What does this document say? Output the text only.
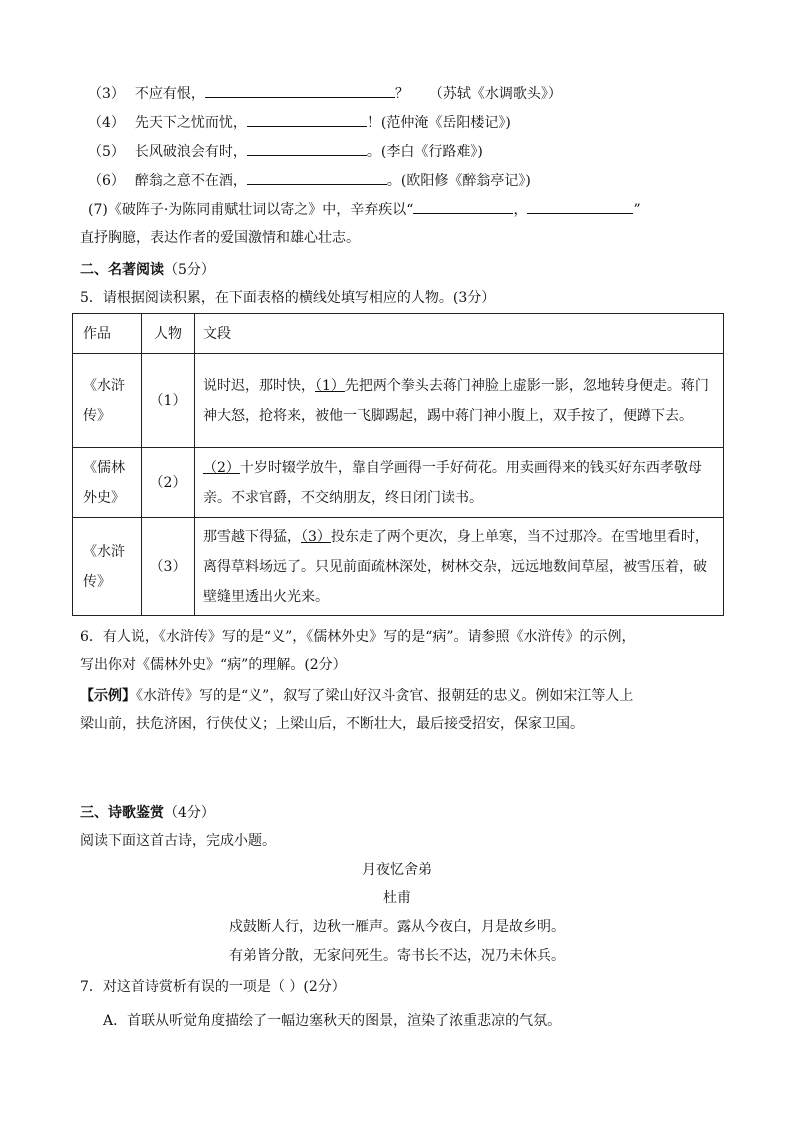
（3） 不应有恨，	？ （苏轼《水调歌头》）
（4） 先天下之忧而忧，	！(范仲淹《岳阳楼记》)
（5） 长风破浪会有时，	。(李白《行路难》)
（6） 醉翁之意不在酒，	。(欧阳修《醉翁亭记》)
(7)《破阵子·为陈同甫赋壮词以寄之》中，辛弃疾以“	，	”
直抒胸臆，表达作者的爱国激情和雄心壮志。
二、名著阅读（5分）
5．请根据阅读积累，在下面表格的横线处填写相应的人物。(3分）
作品	人物	文段
《水浒
传》	（1）	说时迟，那时快，（1）先把两个拳头去蒋门神脸上虚影一影，忽地转身便走。蒋门神大怒，抢将来，被他一飞脚踢起，踢中蒋门神小腹上，双手按了，便蹲下去。
《儒林
外史》	（2）	（2）十岁时辍学放牛，靠自学画得一手好荷花。用卖画得来的钱买好东西孝敬母亲。不求官爵，不交纳朋友，终日闭门读书。
《水浒
传》	（3）	那雪越下得猛，（3）投东走了两个更次，身上单寒，当不过那冷。在雪地里看时，离得草料场远了。只见前面疏林深处，树林交杂，远远地数间草屋，被雪压着，破壁缝里透出火光来。
6．有人说，《水浒传》写的是“义”，《儒林外史》写的是“病”。请参照《水浒传》的示例，
写出你对《儒林外史》“病”的理解。(2分）
【示例】《水浒传》写的是“义”，叙写了梁山好汉斗贪官、报朝廷的忠义。例如宋江等人上
梁山前，扶危济困，行侠仗义；上梁山后，不断壮大，最后接受招安，保家卫国。
三、诗歌鉴赏（4分）
阅读下面这首古诗，完成小题。
月夜忆舍弟
杜甫
戍鼓断人行，边秋一雁声。露从今夜白，月是故乡明。
有弟皆分散，无家问死生。寄书长不达，况乃未休兵。
7．对这首诗赏析有误的一项是（ ）(2分）
A．首联从听觉角度描绘了一幅边塞秋天的图景，渲染了浓重悲凉的气氛。
